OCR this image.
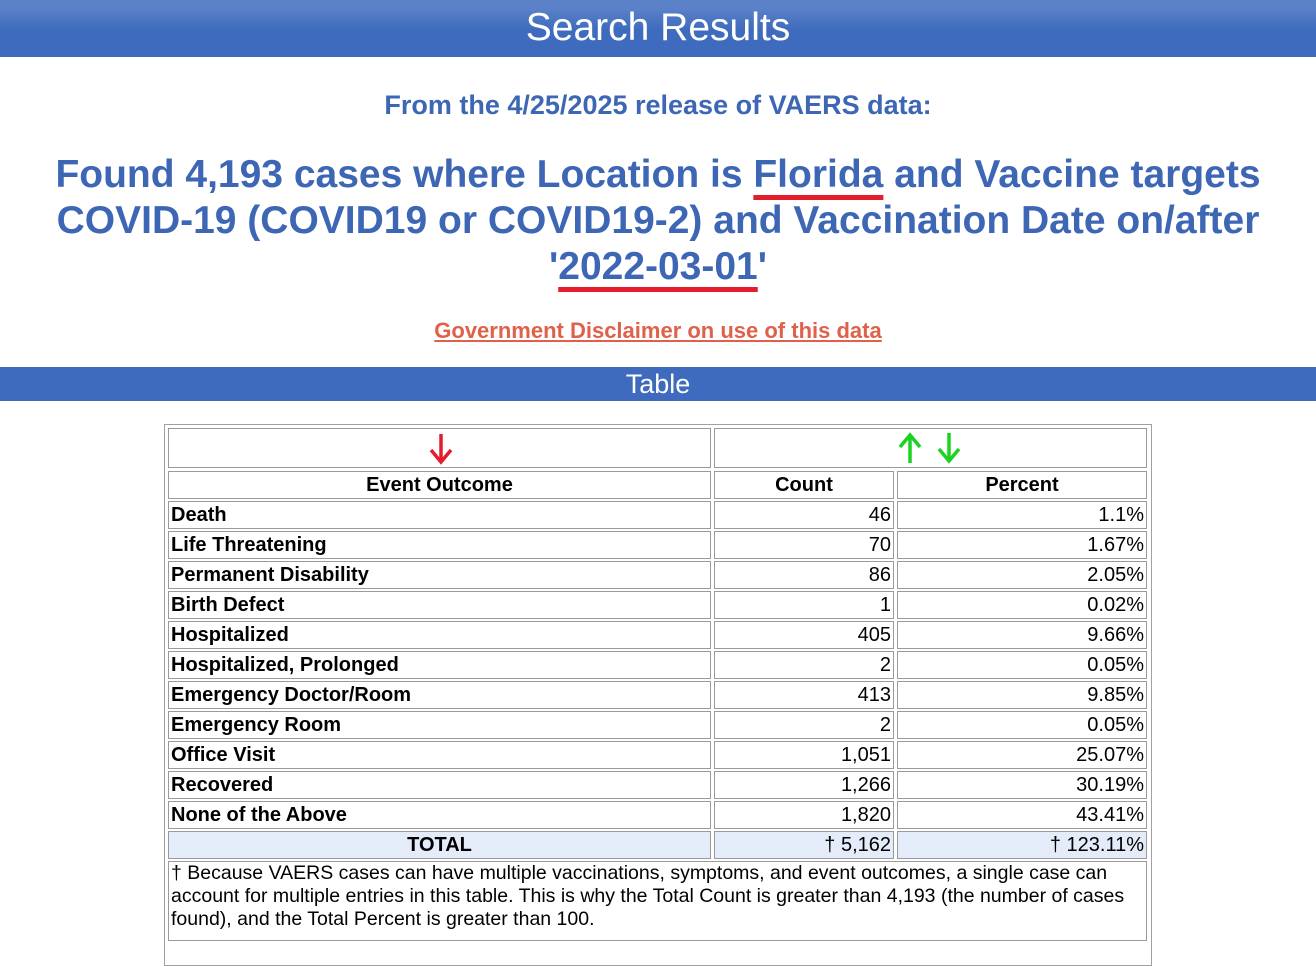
Search Results
From the 4/25/2025 release of VAERS data:
Found 4,193 cases where Location is Florida and Vaccine targets COVID-19 (COVID19 or COVID19-2) and Vaccination Date on/after '2022-03-01'
Government Disclaimer on use of this data
Table
Event Outcome	Count	Percent
Death	46	1.1%
Life Threatening	70	1.67%
Permanent Disability	86	2.05%
Birth Defect	1	0.02%
Hospitalized	405	9.66%
Hospitalized, Prolonged	2	0.05%
Emergency Doctor/Room	413	9.85%
Emergency Room	2	0.05%
Office Visit	1,051	25.07%
Recovered	1,266	30.19%
None of the Above	1,820	43.41%
TOTAL	† 5,162	† 123.11%
† Because VAERS cases can have multiple vaccinations, symptoms, and event outcomes, a single case can account for multiple entries in this table. This is why the Total Count is greater than 4,193 (the number of cases found), and the Total Percent is greater than 100.
